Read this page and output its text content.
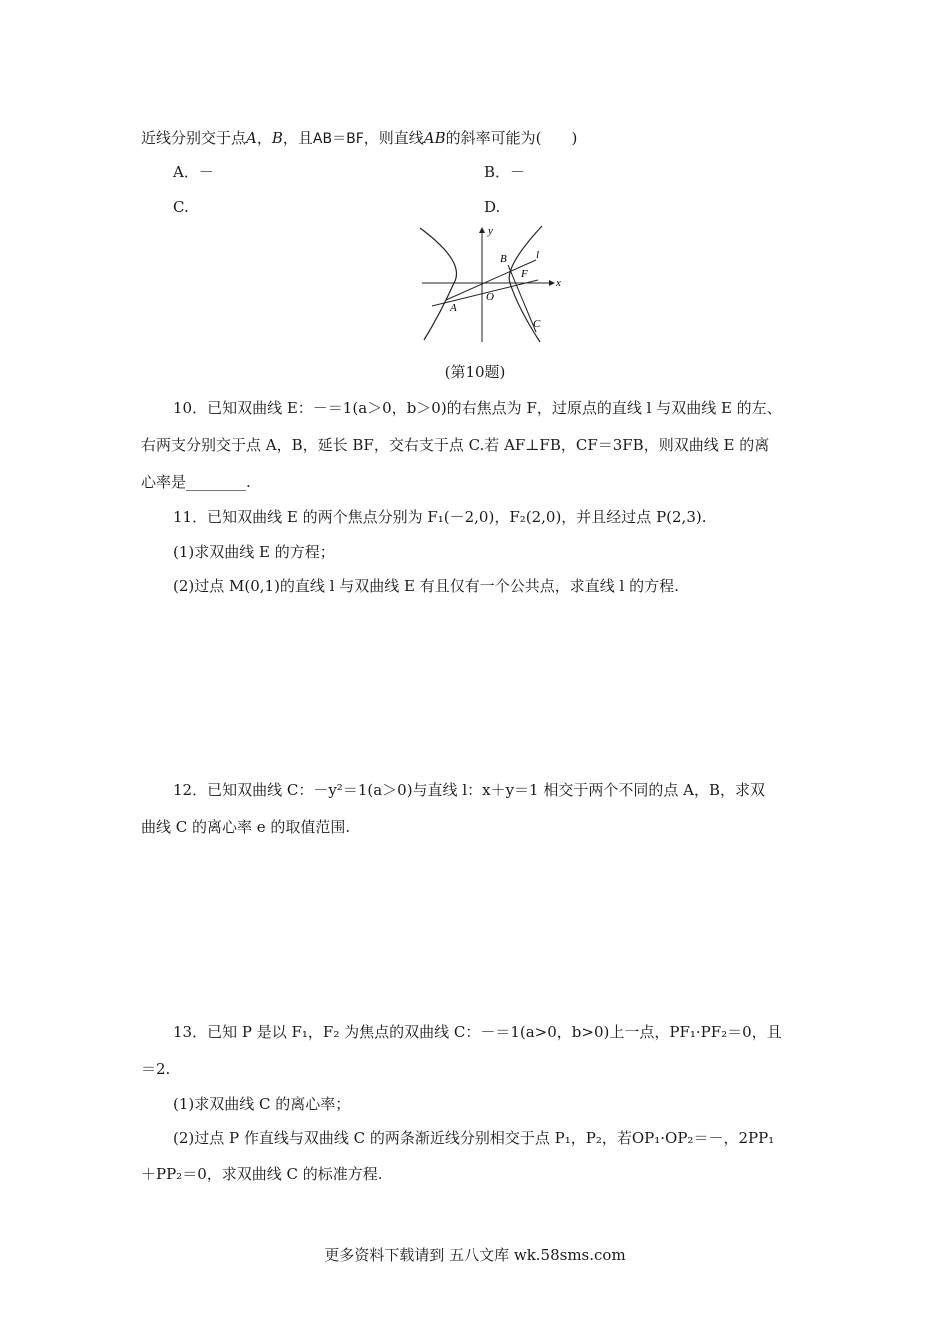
近线分别交于点A，B，且AB＝BF，则直线AB的斜率可能为(　　)
A．－	B．－
C.	D.
y
x
l
B
F
O
A
C
(第10题)
10．已知双曲线 E：－＝1(a＞0，b＞0)的右焦点为 F，过原点的直线 l 与双曲线 E 的左、
右两支分别交于点 A，B，延长 BF，交右支于点 C.若 AF⊥FB，CF＝3FB，则双曲线 E 的离
心率是________.
11．已知双曲线 E 的两个焦点分别为 F₁(－2,0)，F₂(2,0)，并且经过点 P(2,3).
(1)求双曲线 E 的方程；
(2)过点 M(0,1)的直线 l 与双曲线 E 有且仅有一个公共点，求直线 l 的方程.
12．已知双曲线 C：－y²＝1(a＞0)与直线 l：x＋y＝1 相交于两个不同的点 A，B，求双
曲线 C 的离心率 e 的取值范围.
13．已知 P 是以 F₁，F₂ 为焦点的双曲线 C：－＝1(a>0，b>0)上一点，PF₁·PF₂＝0，且
＝2.
(1)求双曲线 C 的离心率；
(2)过点 P 作直线与双曲线 C 的两条渐近线分别相交于点 P₁，P₂，若OP₁·OP₂＝－，2PP₁
＋PP₂＝0，求双曲线 C 的标准方程.
更多资料下载请到 五八文库 wk.58sms.com
